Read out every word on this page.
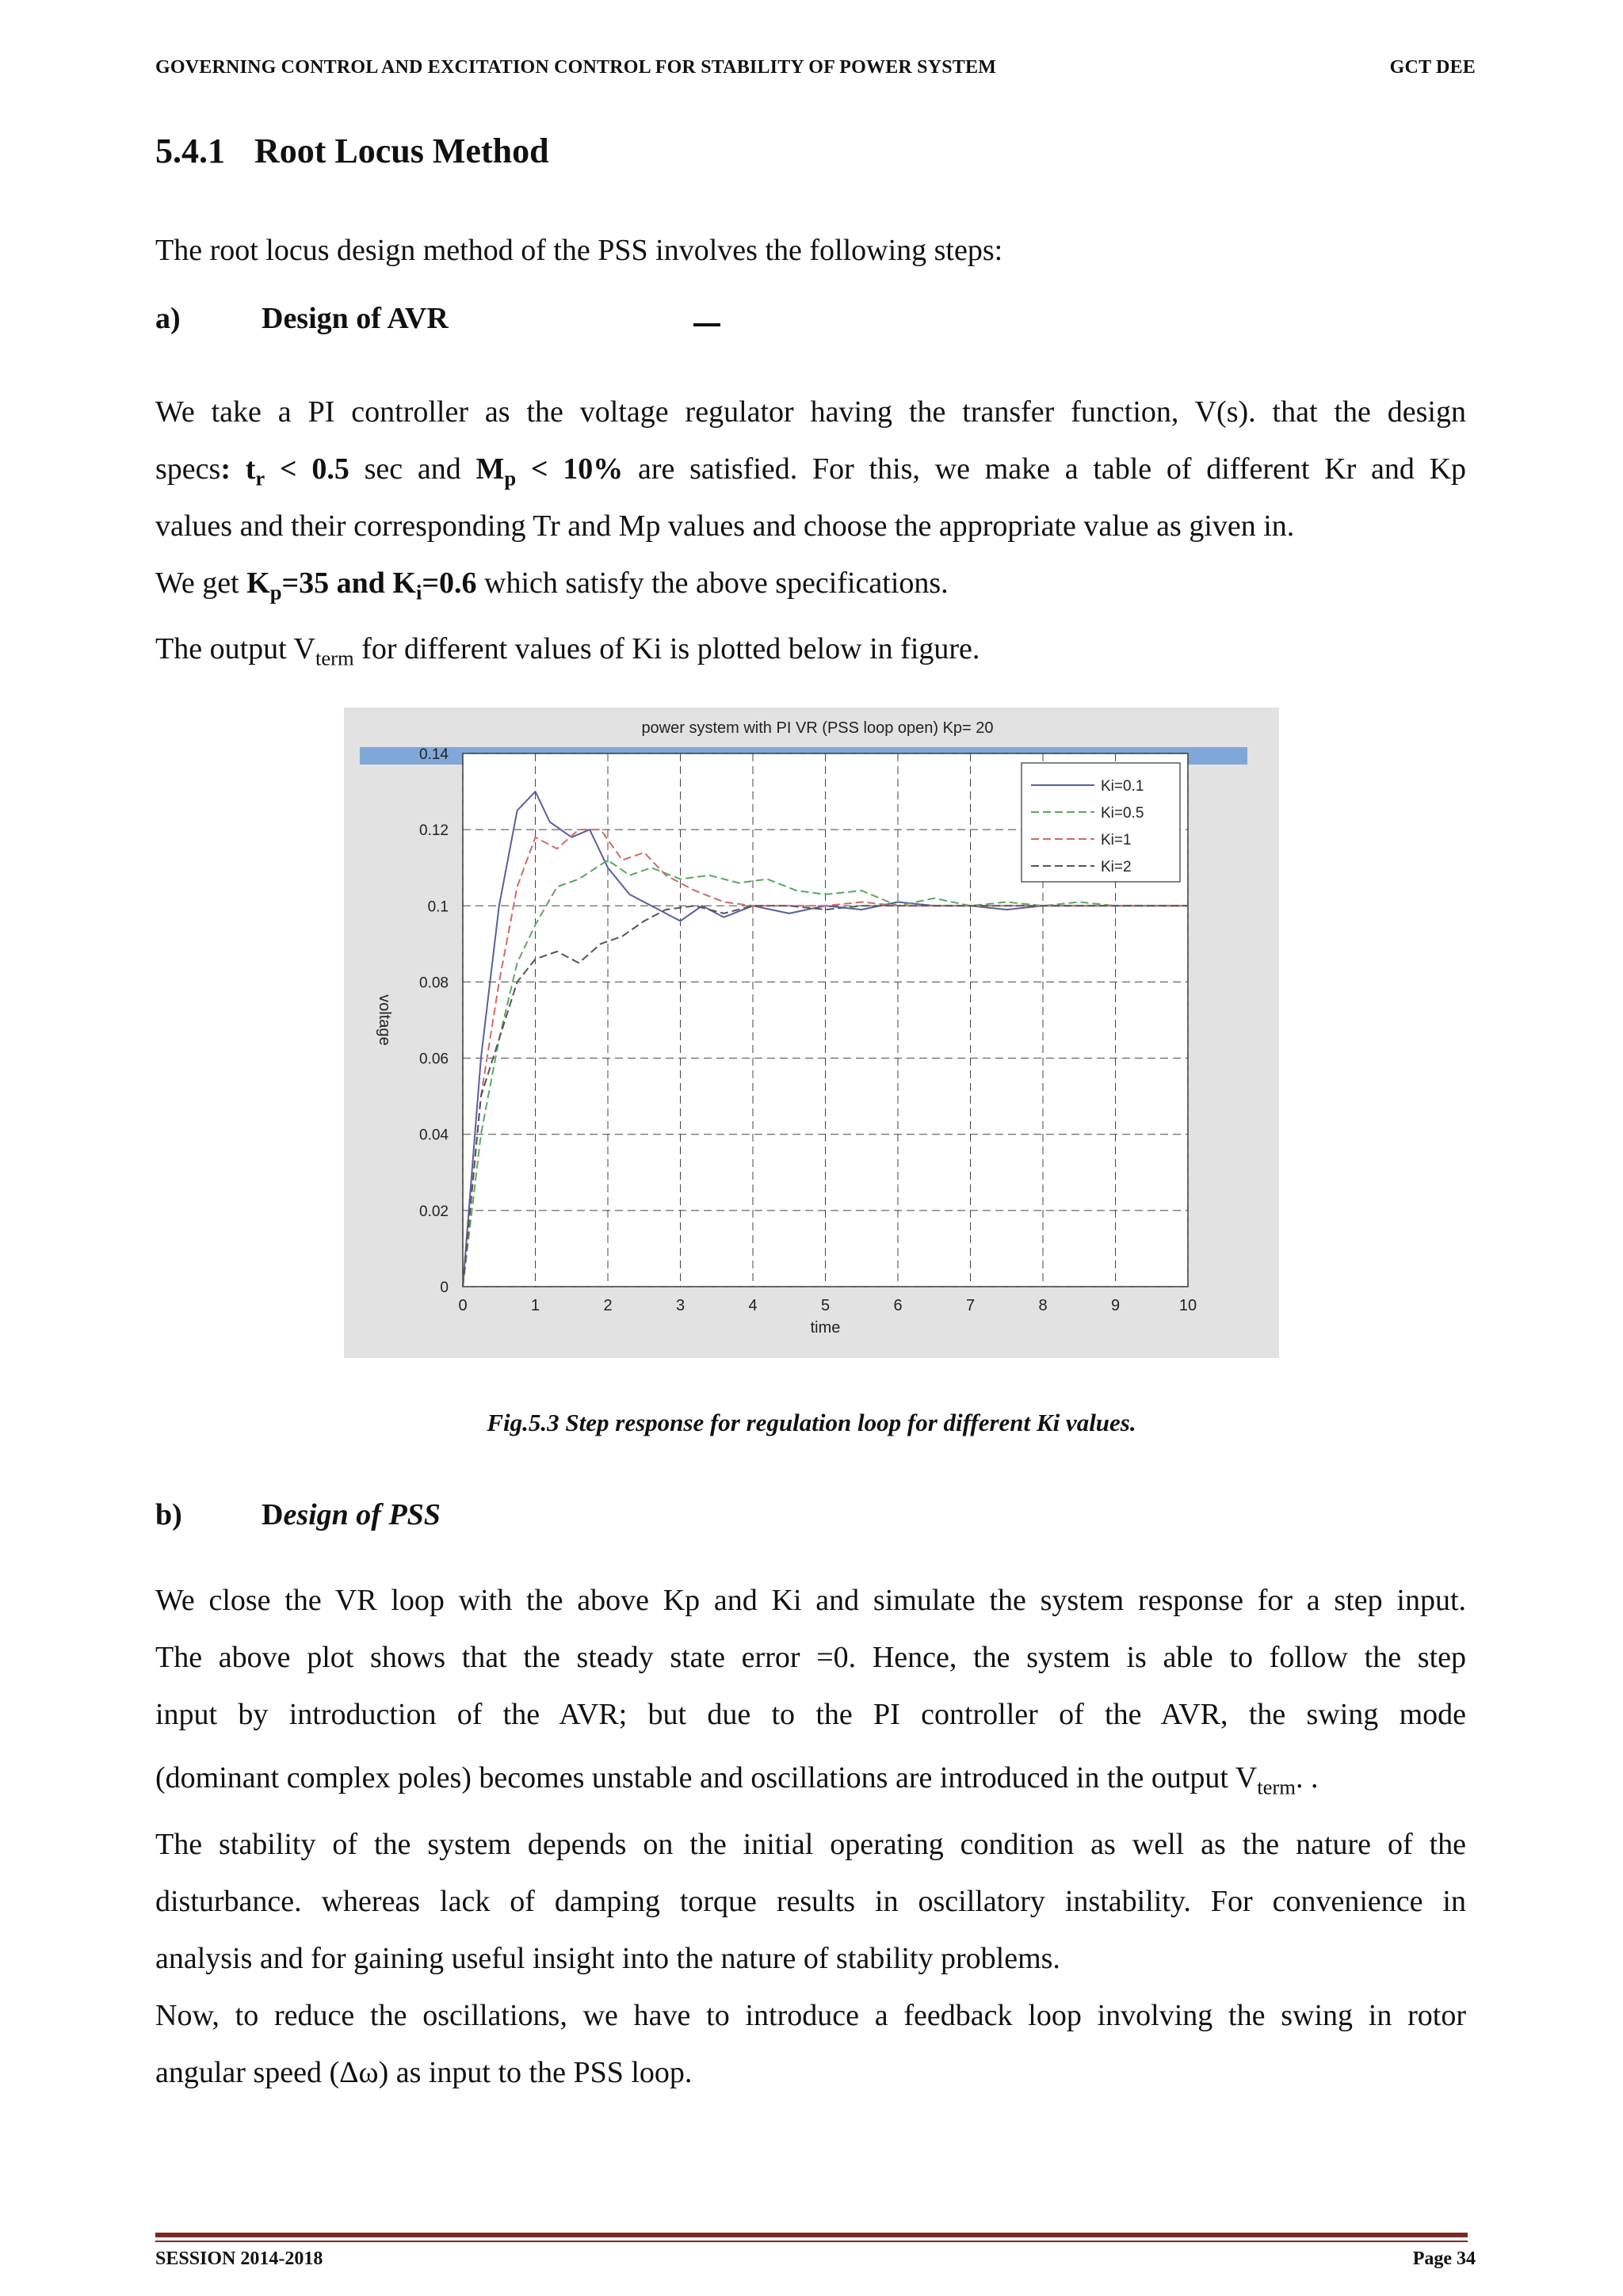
GOVERNING CONTROL AND EXCITATION CONTROL FOR STABILITY OF POWER SYSTEM	GCT DEE
5.4.1 Root Locus Method

The root locus design method of the PSS involves the following steps:

a)	Design of AVR

We take a PI controller as the voltage regulator having the transfer function, V(s). that the design

specs: $t_r < 0.5$ sec and $M_p < 10\%$ are satisfied. For this, we make a table of different Kr and Kp

values and their corresponding Tr and Mp values and choose the appropriate value as given in.

We get $K_p=35$ and $K_i=0.6$ which satisfy the above specifications.

The output $V_{term}$ for different values of Ki is plotted below in figure.

0	1	2	3	4	5	6	7	8	9	10
0
0.02
0.04
0.06
0.08
0.1
0.12
0.14
power system with PI VR (PSS loop open) Kp= 20
time
voltage
Ki=0.1
Ki=0.5
Ki=1
Ki=2
Fig.5.3 Step response for regulation loop for different Ki values.
b)	Design of PSS

We close the VR loop with the above Kp and Ki and simulate the system response for a step input.

The above plot shows that the steady state error =0. Hence, the system is able to follow the step

input by introduction of the AVR; but due to the PI controller of the AVR, the swing mode

(dominant complex poles) becomes unstable and oscillations are introduced in the output $V_{term}$. .

The stability of the system depends on the initial operating condition as well as the nature of the

disturbance. whereas lack of damping torque results in oscillatory instability. For convenience in

analysis and for gaining useful insight into the nature of stability problems.

Now, to reduce the oscillations, we have to introduce a feedback loop involving the swing in rotor

angular speed (Δω) as input to the PSS loop.

SESSION 2014-2018	Page 34
